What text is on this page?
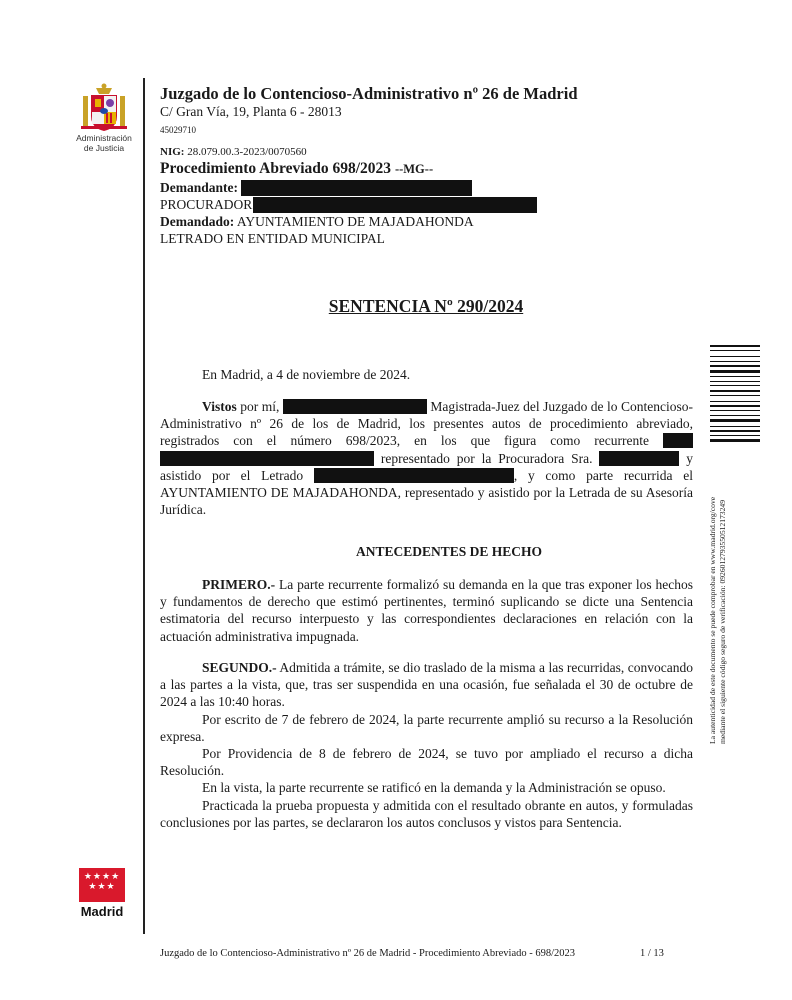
Administración
de Justicia
★★★★ ★★★
Madrid
Juzgado de lo Contencioso-Administrativo nº 26 de Madrid
C/ Gran Vía, 19, Planta 6 - 28013
45029710
NIG: 28.079.00.3-2023/0070560
Procedimiento Abreviado 698/2023 --MG--
Demandante:
PROCURADOR
Demandado: AYUNTAMIENTO DE MAJADAHONDA
LETRADO EN ENTIDAD MUNICIPAL
SENTENCIA Nº 290/2024

En Madrid, a 4 de noviembre de 2024.

Vistos por mí,	Magistrada-Juez del Juzgado de lo Contencioso-Administrativo nº 26 de los de Madrid, los presentes autos de procedimiento abreviado, registrados con el número 698/2023, en los que figura como recurrente   representado por la Procuradora Sra.	y asistido por el Letrado	, y como parte recurrida el AYUNTAMIENTO DE MAJADAHONDA, representado y asistido por la Letrada de su Asesoría Jurídica.

ANTECEDENTES DE HECHO

PRIMERO.- La parte recurrente formalizó su demanda en la que tras exponer los hechos y fundamentos de derecho que estimó pertinentes, terminó suplicando se dicte una Sentencia estimatoria del recurso interpuesto y las correspondientes declaraciones en relación con la actuación administrativa impugnada.

SEGUNDO.- Admitida a trámite, se dio traslado de la misma a las recurridas, convocando a las partes a la vista, que, tras ser suspendida en una ocasión, fue señalada el 30 de octubre de 2024 a las 10:40 horas.

Por escrito de 7 de febrero de 2024, la parte recurrente amplió su recurso a la Resolución expresa.

Por Providencia de 8 de febrero de 2024, se tuvo por ampliado el recurso a dicha Resolución.

En la vista, la parte recurrente se ratificó en la demanda y la Administración se opuso.

Practicada la prueba propuesta y admitida con el resultado obrante en autos, y formuladas conclusiones por las partes, se declararon los autos conclusos y vistos para Sentencia.

Juzgado de lo Contencioso-Administrativo nº 26 de Madrid - Procedimiento Abreviado - 698/2023	1 / 13
La autenticidad de este documento se puede comprobar en www.madrid.org/cove mediante el siguiente código seguro de verificación: 0926012793550512173249
